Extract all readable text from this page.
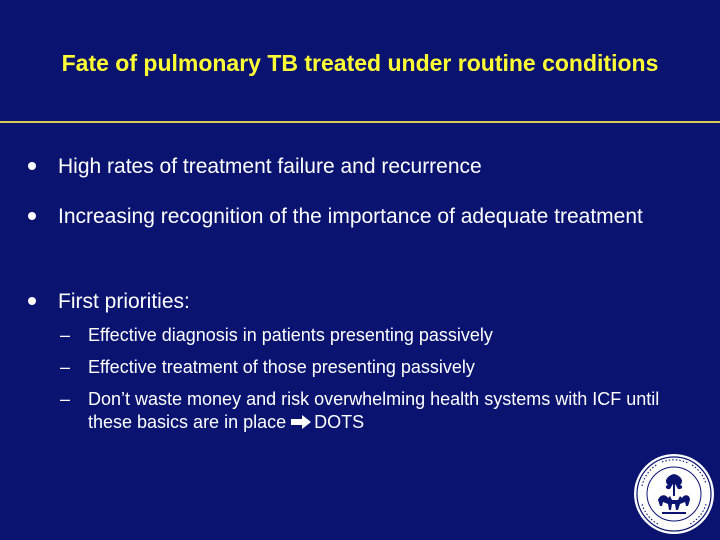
Fate of pulmonary TB treated under routine conditions
High rates of treatment failure and recurrence
Increasing recognition of the importance of adequate treatment
First priorities:
– Effective diagnosis in patients presenting passively
– Effective treatment of those presenting passively
– Don’t waste money and risk overwhelming health systems with ICF until these basics are in place DOTS
